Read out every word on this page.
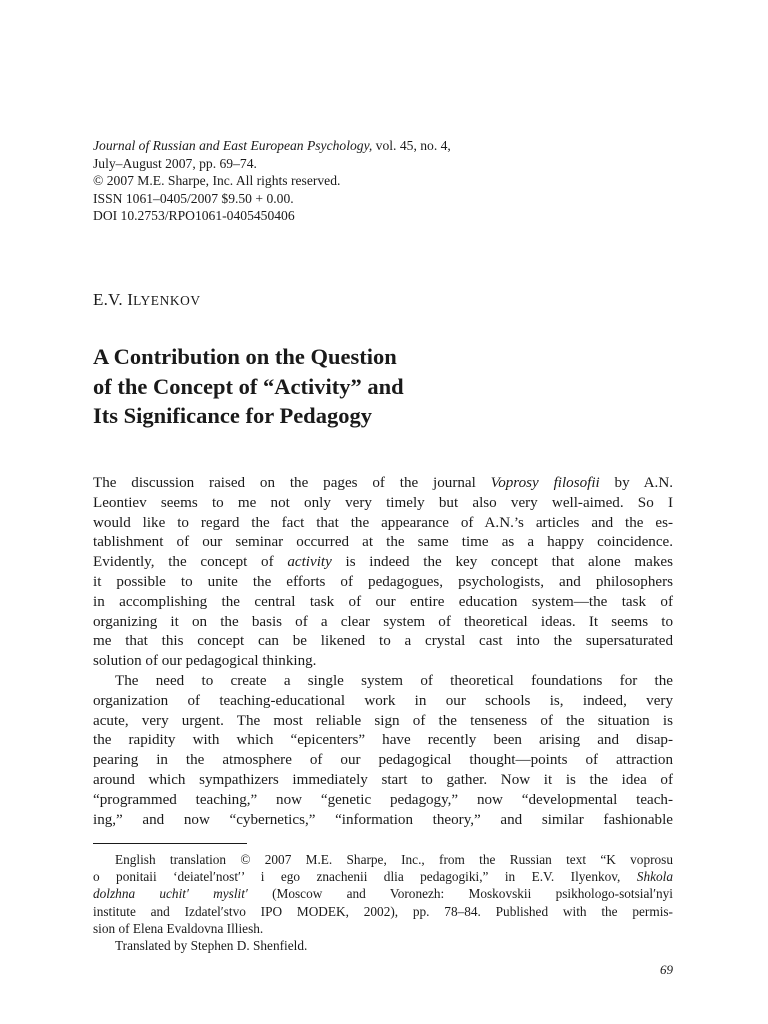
Journal of Russian and East European Psychology, vol. 45, no. 4,
July–August 2007, pp. 69–74.
© 2007 M.E. Sharpe, Inc. All rights reserved.
ISSN 1061–0405/2007 $9.50 + 0.00.
DOI 10.2753/RPO1061-0405450406
E.V. ILYENKOV
A Contribution on the Question
of the Concept of “Activity” and
Its Significance for Pedagogy

The discussion raised on the pages of the journal Voprosy filosofii by A.N.
Leontiev seems to me not only very timely but also very well-aimed. So I
would like to regard the fact that the appearance of A.N.’s articles and the es-
tablishment of our seminar occurred at the same time as a happy coincidence.
Evidently, the concept of activity is indeed the key concept that alone makes
it possible to unite the efforts of pedagogues, psychologists, and philosophers
in accomplishing the central task of our entire education system—the task of
organizing it on the basis of a clear system of theoretical ideas. It seems to
me that this concept can be likened to a crystal cast into the supersaturated
solution of our pedagogical thinking.

The need to create a single system of theoretical foundations for the
organization of teaching-educational work in our schools is, indeed, very
acute, very urgent. The most reliable sign of the tenseness of the situation is
the rapidity with which “epicenters” have recently been arising and disap-
pearing in the atmosphere of our pedagogical thought—points of attraction
around which sympathizers immediately start to gather. Now it is the idea of
“programmed teaching,” now “genetic pedagogy,” now “developmental teach-
ing,” and now “cybernetics,” “information theory,” and similar fashionable

English translation © 2007 M.E. Sharpe, Inc., from the Russian text “K voprosu
o ponitaii ‘deiatel′nost′’ i ego znachenii dlia pedagogiki,” in E.V. Ilyenkov, Shkola
dolzhna uchit′ myslit′ (Moscow and Voronezh: Moskovskii psikhologo-sotsial′nyi
institute and Izdatel′stvo IPO MODEK, 2002), pp. 78–84. Published with the permis-
sion of Elena Evaldovna Illiesh.
Translated by Stephen D. Shenfield.
69
